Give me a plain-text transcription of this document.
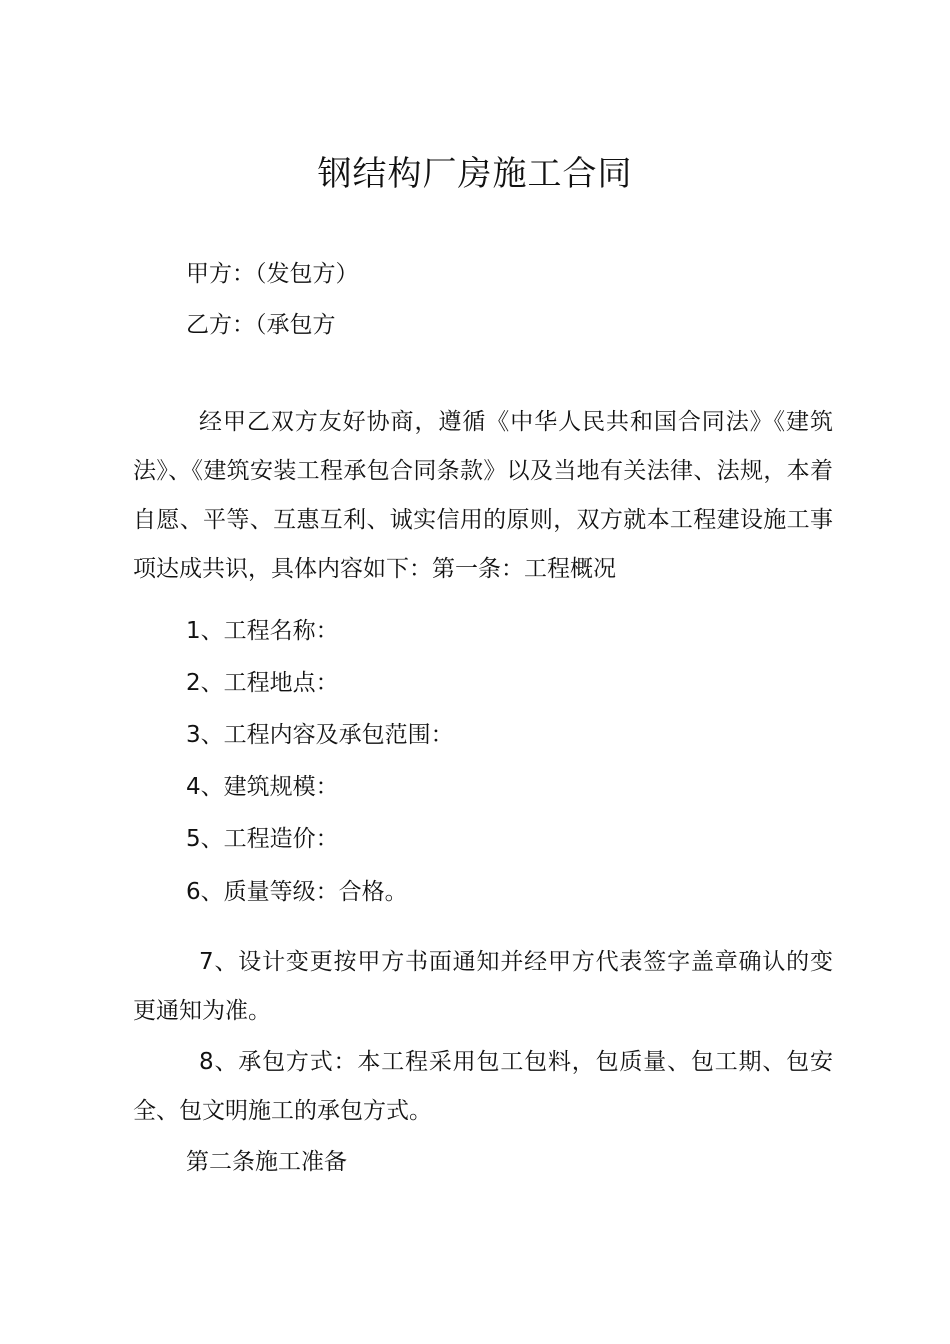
钢结构厂房施工合同

甲方：（发包方）

乙方：（承包方

经甲乙双方友好协商，遵循《中华人民共和国合同法》《建筑法》、《建筑安装工程承包合同条款》以及当地有关法律、法规，本着自愿、平等、互惠互利、诚实信用的原则，双方就本工程建设施工事项达成共识，具体内容如下：第一条：工程概况

1、工程名称：

2、工程地点：

3、工程内容及承包范围：

4、建筑规模：

5、工程造价：

6、质量等级：合格。

7、设计变更按甲方书面通知并经甲方代表签字盖章确认的变更通知为准。

8、承包方式：本工程采用包工包料，包质量、包工期、包安全、包文明施工的承包方式。

第二条施工准备
